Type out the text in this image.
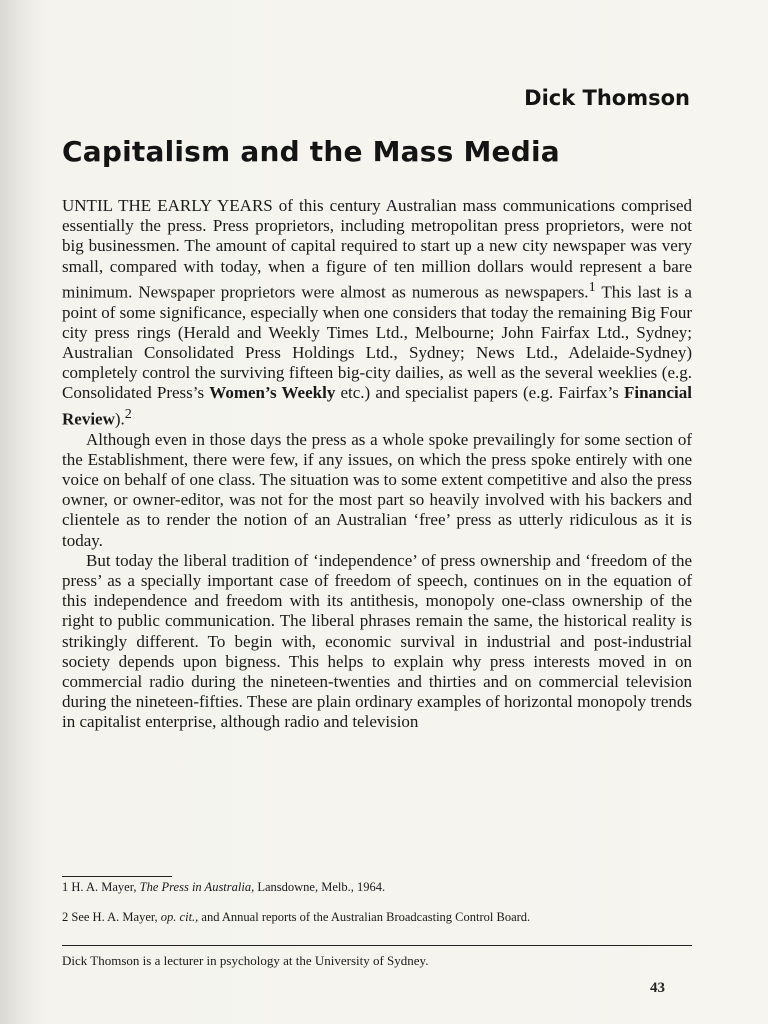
Dick Thomson
Capitalism and the Mass Media

UNTIL THE EARLY YEARS of this century Australian mass communications comprised essentially the press. Press proprietors, including metropolitan press proprietors, were not big businessmen. The amount of capital required to start up a new city newspaper was very small, compared with today, when a figure of ten million dollars would represent a bare minimum. Newspaper proprietors were almost as numerous as newspapers.$^1$ This last is a point of some significance, especially when one considers that today the remaining Big Four city press rings (Herald and Weekly Times Ltd., Melbourne; John Fairfax Ltd., Sydney; Australian Consolidated Press Holdings Ltd., Sydney; News Ltd., Adelaide-Sydney) completely control the surviving fifteen big-city dailies, as well as the several weeklies (e.g. Consolidated Press’s Women’s Weekly etc.) and specialist papers (e.g. Fairfax’s Financial Review).$^2$

Although even in those days the press as a whole spoke prevailingly for some section of the Establishment, there were few, if any issues, on which the press spoke entirely with one voice on behalf of one class. The situation was to some extent competitive and also the press owner, or owner-editor, was not for the most part so heavily involved with his backers and clientele as to render the notion of an Australian ‘free’ press as utterly ridiculous as it is today.

But today the liberal tradition of ‘independence’ of press ownership and ‘freedom of the press’ as a specially important case of freedom of speech, continues on in the equation of this independence and freedom with its antithesis, monopoly one-class ownership of the right to public communication. The liberal phrases remain the same, the historical reality is strikingly different. To begin with, economic survival in industrial and post-industrial society depends upon bigness. This helps to explain why press interests moved in on commercial radio during the nineteen-twenties and thirties and on commercial television during the nineteen-fifties. These are plain ordinary examples of horizontal monopoly trends in capitalist enterprise, although radio and television

1 H. A. Mayer, The Press in Australia, Lansdowne, Melb., 1964.

2 See H. A. Mayer, op. cit., and Annual reports of the Australian Broadcasting Control Board.

Dick Thomson is a lecturer in psychology at the University of Sydney.

43
